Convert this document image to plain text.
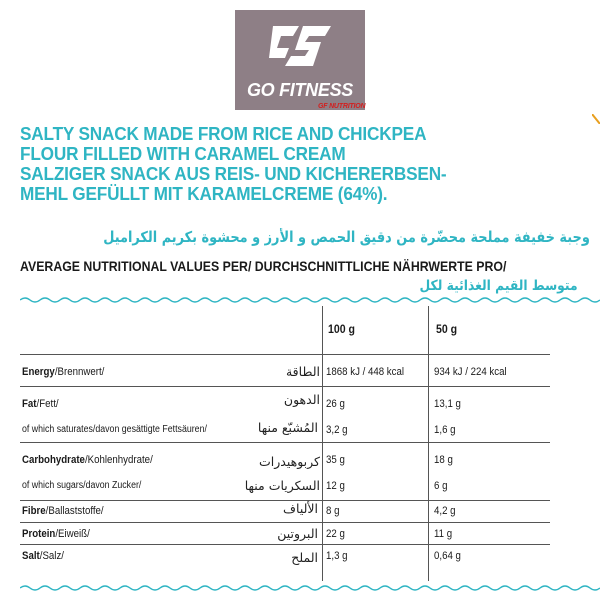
GO FITNESS
GF NUTRITION
SALTY SNACK MADE FROM RICE AND CHICKPEA
FLOUR FILLED WITH CARAMEL CREAM
SALZIGER SNACK AUS REIS- UND KICHERERBSEN-
MEHL GEFÜLLT MIT KARAMELCREME (64%).
وجبة خفيفة مملحة محضّرة من دقيق الحمص و الأرز و محشوة بكريم الكراميل
AVERAGE NUTRITIONAL VALUES PER/ DURCHSCHNITTLICHE NÄHRWERTE PRO/
متوسط القيم الغذائية لكل
100 g	50 g
Energy/Brennwert/	الطاقة 1868 kJ / 448 kcal	934 kJ / 224 kcal
Fat/Fett/	الدهون 26 g	13,1 g
of which saturates/davon gesättigte Fettsäuren/	المُشبّع منها 3,2 g	1,6 g
Carbohydrate/Kohlenhydrate/	كربوهيدرات 35 g	18 g
of which sugars/davon Zucker/	السكريات منها 12 g	6 g
Fibre/Ballaststoffe/	الألياف 8 g	4,2 g
Protein/Eiweiß/	البروتين 22 g	11 g
Salt/Salz/	الملح 1,3 g	0,64 g
